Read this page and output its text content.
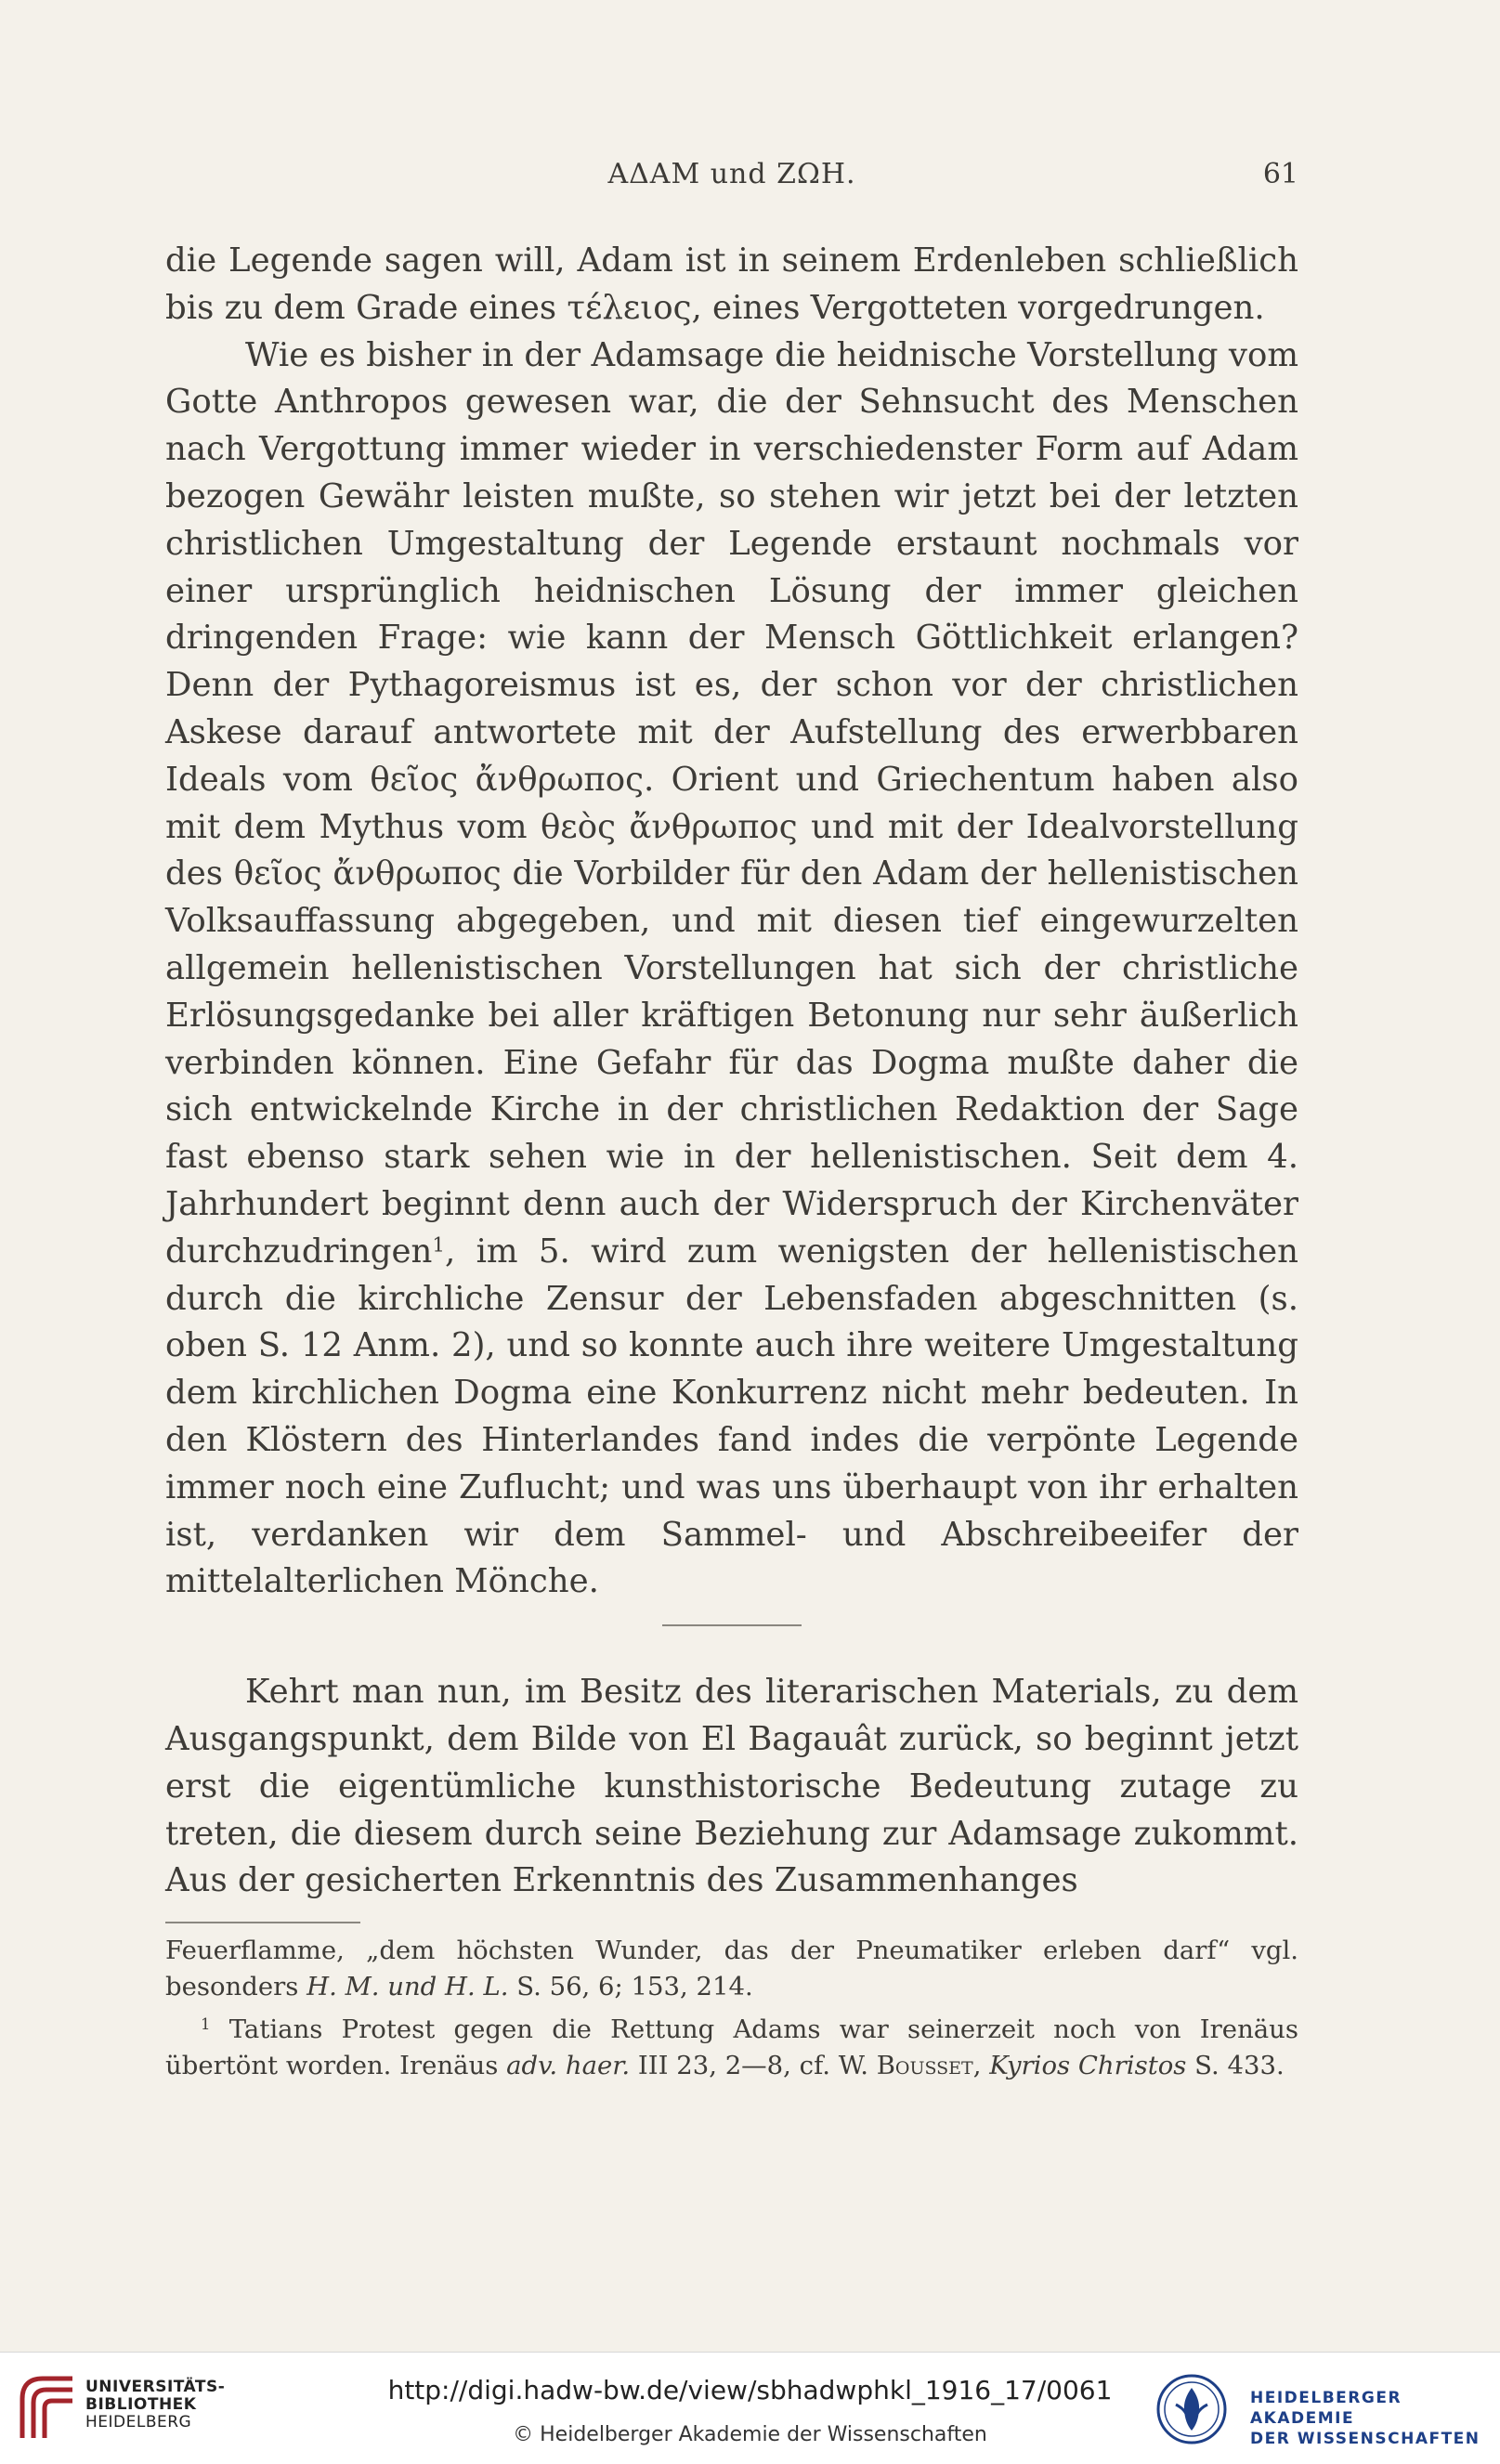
ΑΔΑΜ und ΖΩΗ.	61

die Legende sagen will, Adam ist in seinem Erdenleben schließlich bis zu dem Grade eines τέλειος, eines Vergotteten vorgedrungen.

Wie es bisher in der Adamsage die heidnische Vorstellung vom Gotte Anthropos gewesen war, die der Sehnsucht des Menschen nach Vergottung immer wieder in verschiedenster Form auf Adam bezogen Gewähr leisten mußte, so stehen wir jetzt bei der letzten christlichen Umgestaltung der Legende erstaunt nochmals vor einer ursprünglich heidnischen Lösung der immer gleichen dringenden Frage: wie kann der Mensch Göttlichkeit erlangen? Denn der Pythagoreismus ist es, der schon vor der christlichen Askese darauf antwortete mit der Aufstellung des erwerbbaren Ideals vom θεῖος ἄνθρωπος. Orient und Griechentum haben also mit dem Mythus vom θεὸς ἄνθρωπος und mit der Idealvorstellung des θεῖος ἄνθρωπος die Vorbilder für den Adam der hellenistischen Volksauffassung abgegeben, und mit diesen tief eingewurzelten allgemein hellenistischen Vorstellungen hat sich der christliche Erlösungsgedanke bei aller kräftigen Betonung nur sehr äußerlich verbinden können. Eine Gefahr für das Dogma mußte daher die sich entwickelnde Kirche in der christlichen Redaktion der Sage fast ebenso stark sehen wie in der hellenistischen. Seit dem 4. Jahrhundert beginnt denn auch der Widerspruch der Kirchenväter durchzudringen$^1$, im 5. wird zum wenigsten der hellenistischen durch die kirchliche Zensur der Lebensfaden abgeschnitten (s. oben S. 12 Anm. 2), und so konnte auch ihre weitere Umgestaltung dem kirchlichen Dogma eine Konkurrenz nicht mehr bedeuten. In den Klöstern des Hinterlandes fand indes die verpönte Legende immer noch eine Zuflucht; und was uns überhaupt von ihr erhalten ist, verdanken wir dem Sammel- und Abschreibeeifer der mittelalterlichen Mönche.

Kehrt man nun, im Besitz des literarischen Materials, zu dem Ausgangspunkt, dem Bilde von El Bagauât zurück, so beginnt jetzt erst die eigentümliche kunsthistorische Bedeutung zutage zu treten, die diesem durch seine Beziehung zur Adamsage zukommt. Aus der gesicherten Erkenntnis des Zusammenhanges

Feuerflamme, „dem höchsten Wunder, das der Pneumatiker erleben darf“ vgl. besonders H. M. und H. L. S. 56, 6; 153, 214.

$^1$ Tatians Protest gegen die Rettung Adams war seinerzeit noch von Irenäus übertönt worden. Irenäus adv. haer. III 23, 2—8, cf. W. Bousset, Kyrios Christos S. 433.

UNIVERSITÄTS-
BIBLIOTHEK
HEIDELBERG
http://digi.hadw-bw.de/view/sbhadwphkl_1916_17/0061
© Heidelberger Akademie der Wissenschaften
HEIDELBERGER AKADEMIE
DER WISSENSCHAFTEN
